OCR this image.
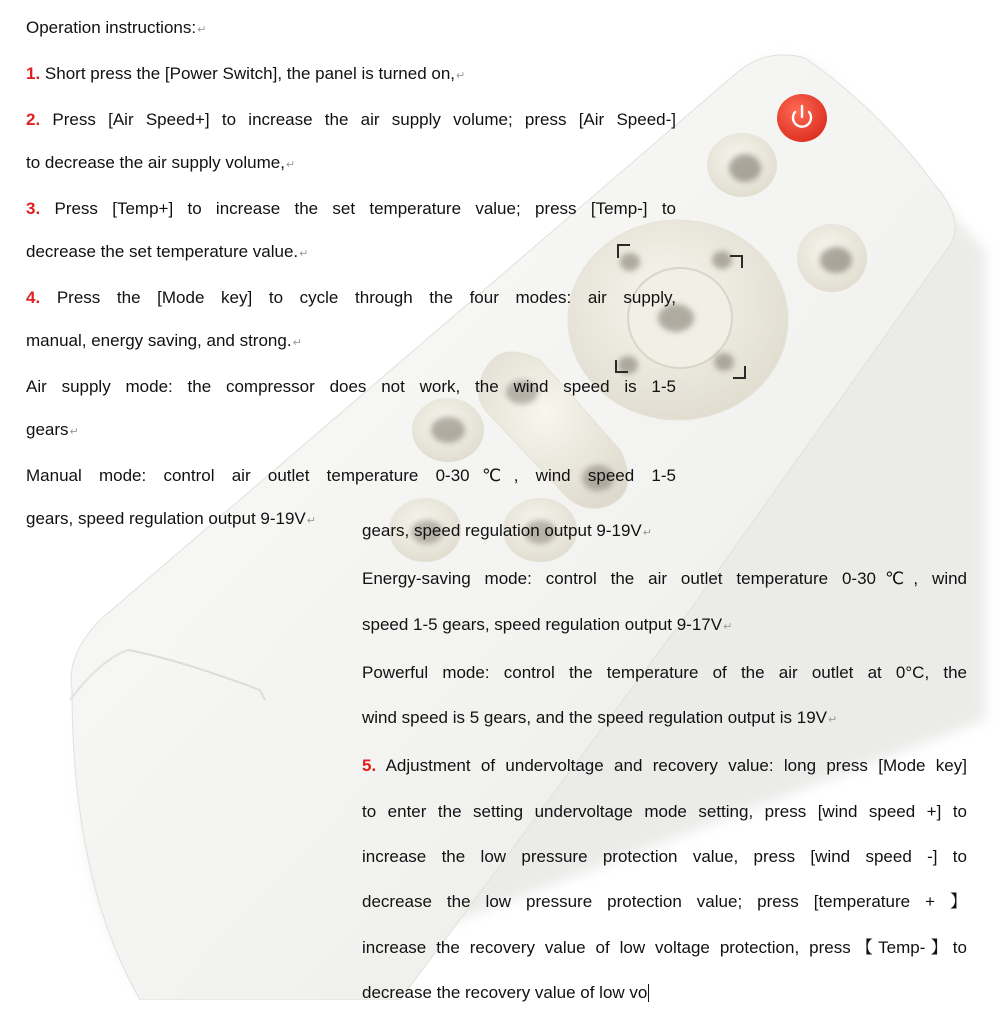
Operation instructions:↵
1. Short press the [Power Switch], the panel is turned on,↵
2. Press [Air Speed+] to increase the air supply volume; press [Air Speed-]
to decrease the air supply volume,↵
3. Press [Temp+] to increase the set temperature value; press [Temp-] to
decrease the set temperature value.↵
4. Press the [Mode key] to cycle through the four modes: air supply,
manual, energy saving, and strong.↵
Air supply mode: the compressor does not work, the wind speed is 1-5
gears↵
Manual mode: control air outlet temperature 0-30℃, wind speed 1-5
gears, speed regulation output 9-19V↵	gears, speed regulation output 9-19V↵
Energy-saving mode: control the air outlet temperature 0-30℃, wind
speed 1-5 gears, speed regulation output 9-17V↵
Powerful mode: control the temperature of the air outlet at 0°C, the
wind speed is 5 gears, and the speed regulation output is 19V↵
5. Adjustment of undervoltage and recovery value: long press [Mode key]
to enter the setting undervoltage mode setting, press [wind speed +] to
increase the low pressure protection value, press [wind speed -] to
decrease the low pressure protection value; press [temperature + 】
increase the recovery value of low voltage protection, press【Temp-】to
decrease the recovery value of low vo
